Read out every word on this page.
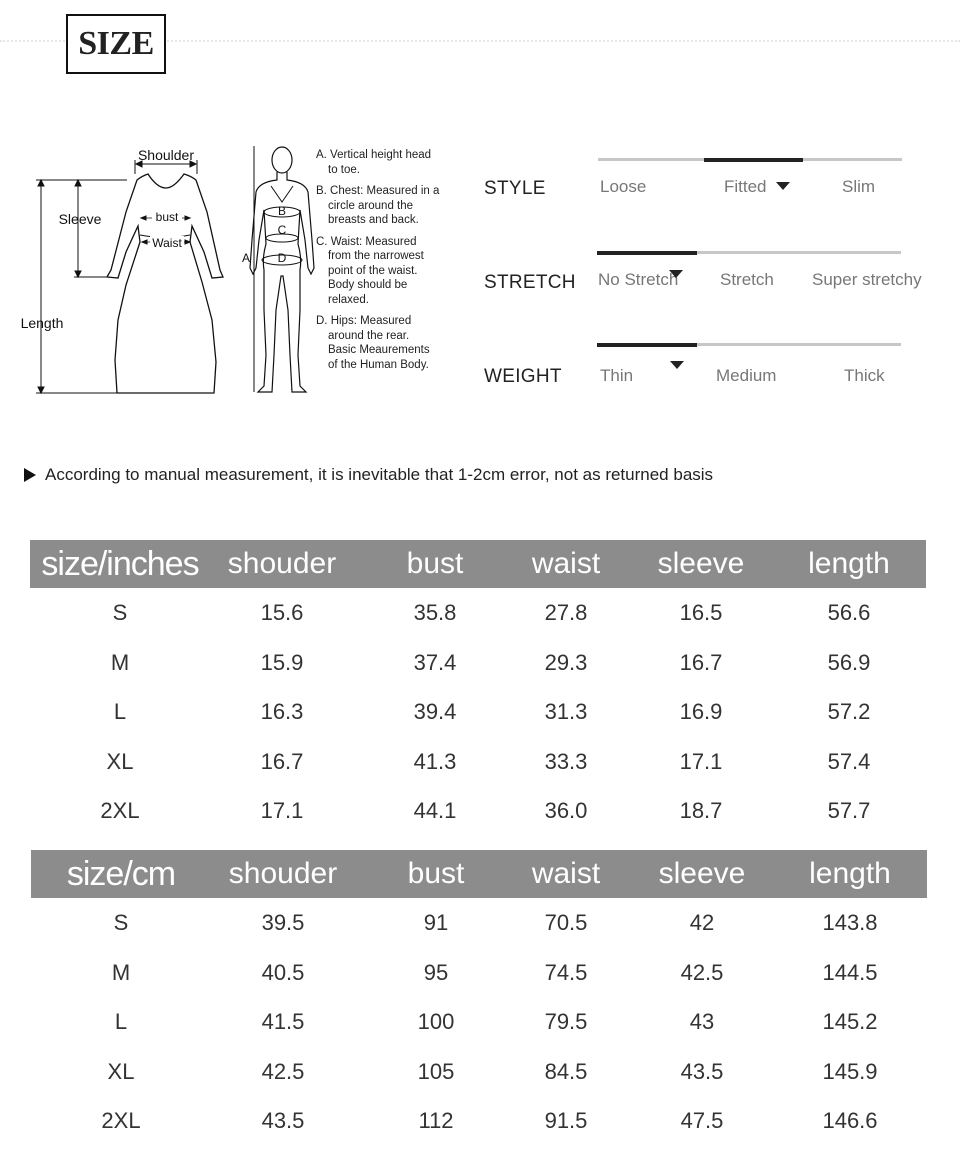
SIZE
Shoulder
Sleeve
Length
bust
Waist
A
B
C
D
A. Vertical height head
to toe.
B. Chest: Measured in a
circle around the
breasts and back.
C. Waist: Measured
from the narrowest
point of the waist.
Body should be
relaxed.
D. Hips: Measured
around the rear.
Basic Meaurements
of the Human Body.
STYLE	Loose	Fitted	Slim
STRETCH No Stretch Stretch Super stretchy
WEIGHT Thin	Medium	Thick
According to manual measurement, it is inevitable that 1-2cm error, not as returned basis
size/inches shouder bust waist sleeve length
S	15.6	35.8	27.8	16.5	56.6
M	15.9	37.4	29.3	16.7	56.9
L	16.3	39.4	31.3	16.9	57.2
XL	16.7	41.3	33.3	17.1	57.4
2XL	17.1	44.1	36.0	18.7	57.7
size/cm shouder bust waist sleeve length
S	39.5	91	70.5	42	143.8
M	40.5	95	74.5	42.5	144.5
L	41.5	100	79.5	43	145.2
XL	42.5	105	84.5	43.5	145.9
2XL	43.5	112	91.5	47.5	146.6
